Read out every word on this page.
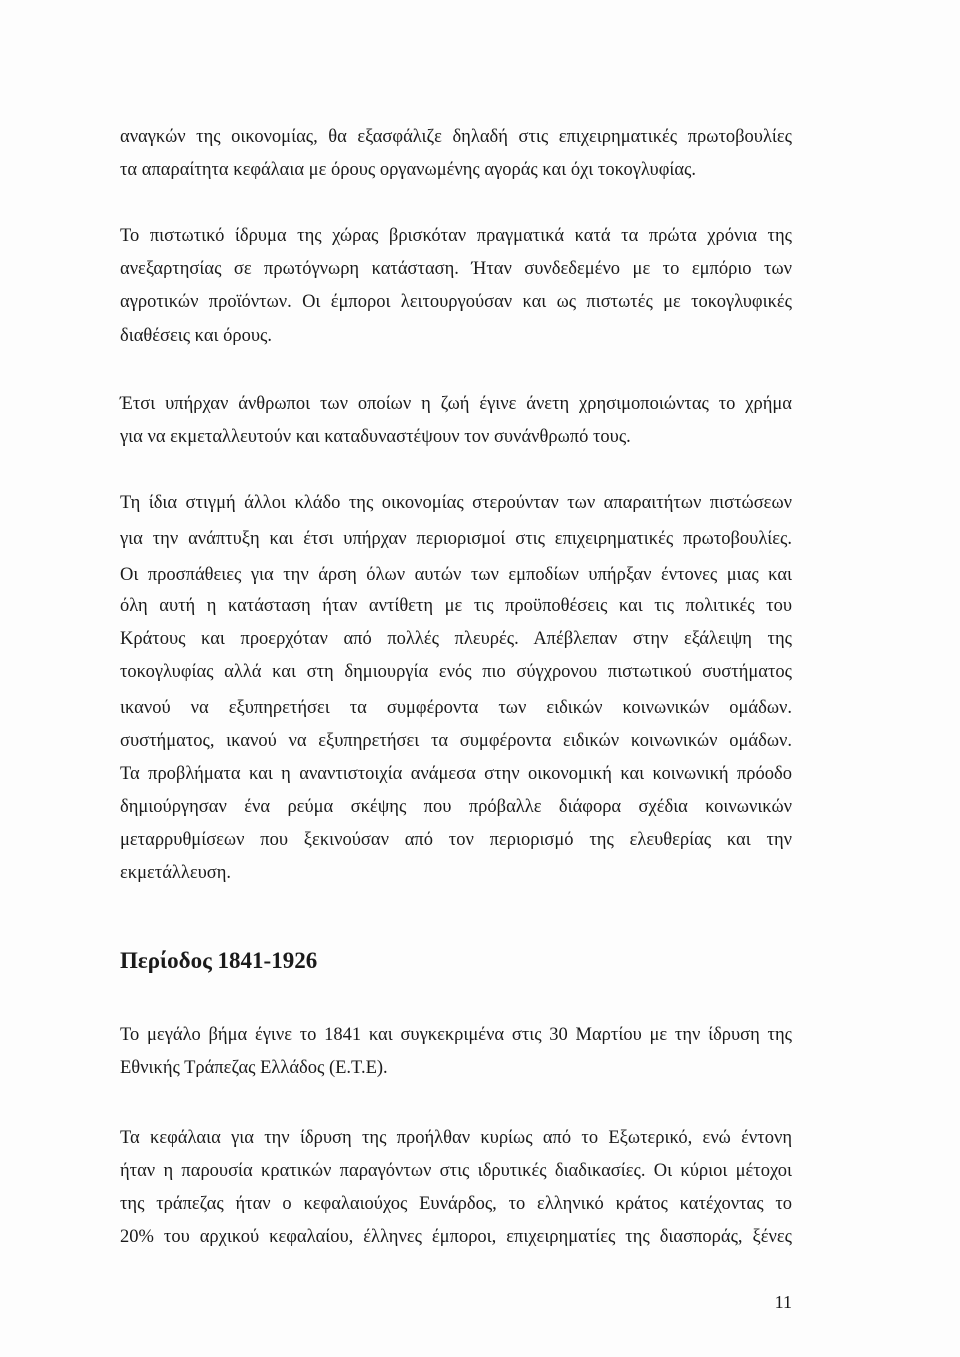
αναγκών της οικονομίας, θα εξασφάλιζε δηλαδή στις επιχειρηματικές πρωτοβουλίες
τα απαραίτητα κεφάλαια με όρους οργανωμένης αγοράς και όχι τοκογλυφίας.
Το πιστωτικό ίδρυμα της χώρας βρισκόταν πραγματικά κατά τα πρώτα χρόνια της
ανεξαρτησίας σε πρωτόγνωρη κατάσταση. Ήταν συνδεδεμένο με το εμπόριο των
αγροτικών προϊόντων. Οι έμποροι λειτουργούσαν και ως πιστωτές με τοκογλυφικές
διαθέσεις και όρους.
Έτσι υπήρχαν άνθρωποι των οποίων η ζωή έγινε άνετη χρησιμοποιώντας το χρήμα
για να εκμεταλλευτούν και καταδυναστέψουν τον συνάνθρωπό τους.
Τη ίδια στιγμή άλλοι κλάδο της οικονομίας στερούνταν των απαραιτήτων πιστώσεων
για την ανάπτυξη και έτσι υπήρχαν περιορισμοί στις επιχειρηματικές πρωτοβουλίες.
Οι προσπάθειες για την άρση όλων αυτών των εμποδίων υπήρξαν έντονες μιας και
όλη αυτή η κατάσταση ήταν αντίθετη με τις προϋποθέσεις και τις πολιτικές του
Κράτους και προερχόταν από πολλές πλευρές. Απέβλεπαν στην εξάλειψη της
τοκογλυφίας αλλά και στη δημιουργία ενός πιο σύγχρονου πιστωτικού συστήματος
ικανού να εξυπηρετήσει τα συμφέροντα των ειδικών κοινωνικών ομάδων.
συστήματος, ικανού να εξυπηρετήσει τα συμφέροντα ειδικών κοινωνικών ομάδων.
Τα προβλήματα και η αναντιστοιχία ανάμεσα στην οικονομική και κοινωνική πρόοδο
δημιούργησαν ένα ρεύμα σκέψης που πρόβαλλε διάφορα σχέδια κοινωνικών
μεταρρυθμίσεων που ξεκινούσαν από τον περιορισμό της ελευθερίας και την
εκμετάλλευση.
Περίοδος 1841-1926
Το μεγάλο βήμα έγινε το 1841 και συγκεκριμένα στις 30 Μαρτίου με την ίδρυση της
Εθνικής Τράπεζας Ελλάδος (Ε.Τ.Ε).
Τα κεφάλαια για την ίδρυση της προήλθαν κυρίως από το Εξωτερικό, ενώ έντονη
ήταν η παρουσία κρατικών παραγόντων στις ιδρυτικές διαδικασίες. Οι κύριοι μέτοχοι
της τράπεζας ήταν ο κεφαλαιούχος Ευνάρδος, το ελληνικό κράτος κατέχοντας το
20% του αρχικού κεφαλαίου, έλληνες έμποροι, επιχειρηματίες της διασποράς, ξένες
11
